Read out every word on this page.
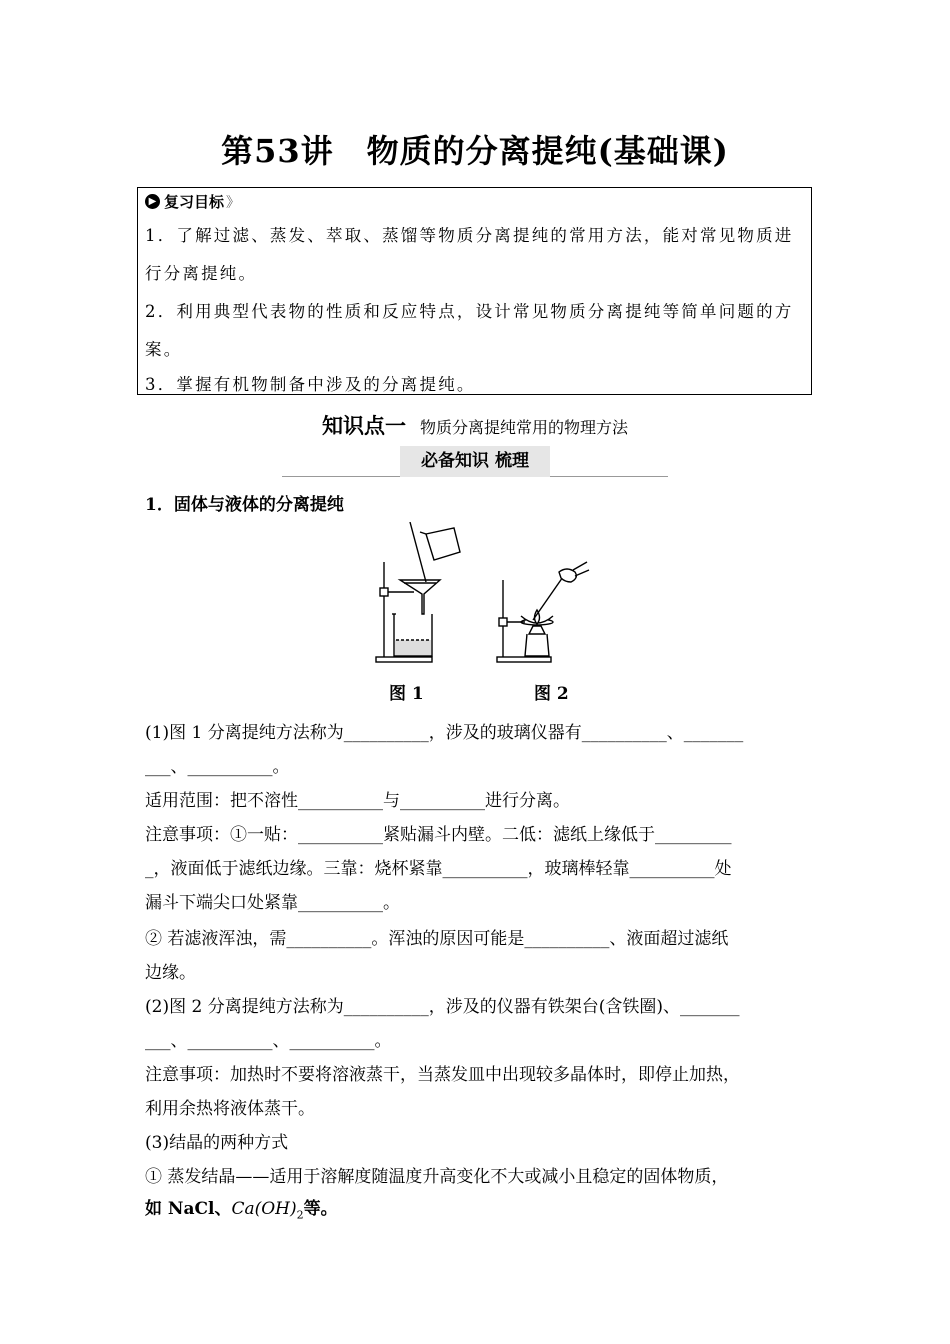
第53讲　物质的分离提纯(基础课)
▶ 复习目标 》
1．了解过滤、蒸发、萃取、蒸馏等物质分离提纯的常用方法，能对常见物质进
行分离提纯。
2．利用典型代表物的性质和反应特点，设计常见物质分离提纯等简单问题的方
案。
3．掌握有机物制备中涉及的分离提纯。
知识点一 物质分离提纯常用的物理方法
必备知识 梳理
1．固体与液体的分离提纯
图 1	图 2
(1)图 1 分离提纯方法称为__________，涉及的玻璃仪器有__________、_______
___、__________。
适用范围：把不溶性__________与__________进行分离。
注意事项：①一贴：__________紧贴漏斗内壁。二低：滤纸上缘低于_________
_，液面低于滤纸边缘。三靠：烧杯紧靠__________，玻璃棒轻靠__________处
漏斗下端尖口处紧靠__________。
② 若滤液浑浊，需__________。浑浊的原因可能是__________、液面超过滤纸
边缘。
(2)图 2 分离提纯方法称为__________，涉及的仪器有铁架台(含铁圈)、_______
___、__________、__________。
注意事项：加热时不要将溶液蒸干，当蒸发皿中出现较多晶体时，即停止加热，
利用余热将液体蒸干。
(3)结晶的两种方式
① 蒸发结晶——适用于溶解度随温度升高变化不大或减小且稳定的固体物质，
如 NaCl、$Ca(OH)_2$等。
